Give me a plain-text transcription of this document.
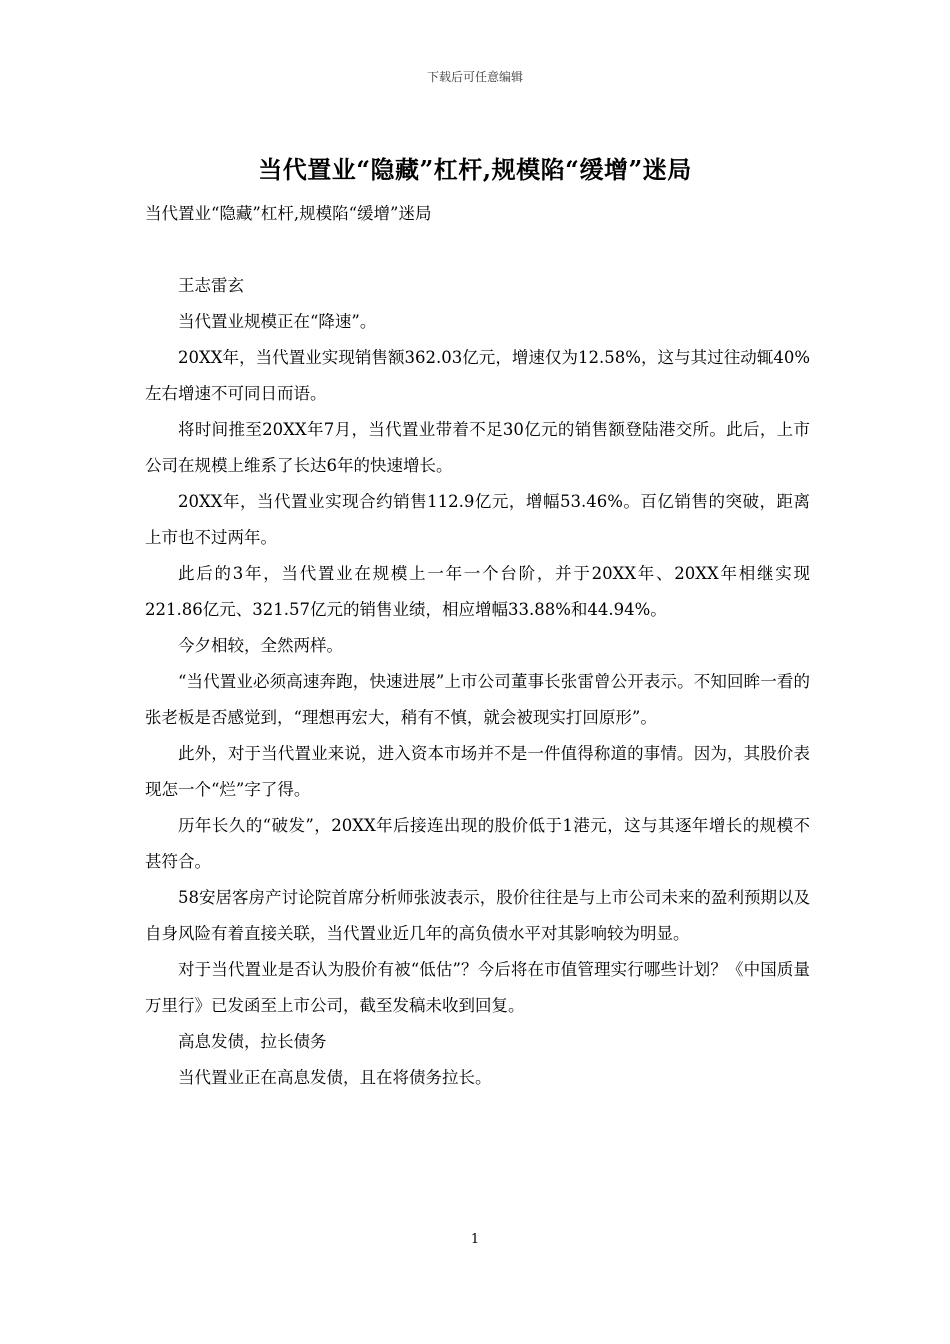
下载后可任意编辑
当代置业“隐藏”杠杆,规模陷“缓增”迷局

当代置业“隐藏”杠杆,规模陷“缓增”迷局

王志雷玄

当代置业规模正在“降速”。

20XX年，当代置业实现销售额362.03亿元，增速仅为12.58%，这与其过往动辄40%左右增速不可同日而语。

将时间推至20XX年7月，当代置业带着不足30亿元的销售额登陆港交所。此后，上市公司在规模上维系了长达6年的快速增长。

20XX年，当代置业实现合约销售112.9亿元，增幅53.46%。百亿销售的突破，距离上市也不过两年。

此后的3年，当代置业在规模上一年一个台阶，并于20XX年、20XX年相继实现221.86亿元、321.57亿元的销售业绩，相应增幅33.88%和44.94%。

今夕相较，全然两样。

“当代置业必须高速奔跑，快速进展”上市公司董事长张雷曾公开表示。不知回眸一看的张老板是否感觉到，“理想再宏大，稍有不慎，就会被现实打回原形”。

此外，对于当代置业来说，进入资本市场并不是一件值得称道的事情。因为，其股价表现怎一个“烂”字了得。

历年长久的“破发”，20XX年后接连出现的股价低于1港元，这与其逐年增长的规模不甚符合。

58安居客房产讨论院首席分析师张波表示，股价往往是与上市公司未来的盈利预期以及自身风险有着直接关联，当代置业近几年的高负债水平对其影响较为明显。

对于当代置业是否认为股价有被“低估”？今后将在市值管理实行哪些计划？《中国质量万里行》已发函至上市公司，截至发稿未收到回复。

高息发债，拉长债务

当代置业正在高息发债，且在将债务拉长。

1
